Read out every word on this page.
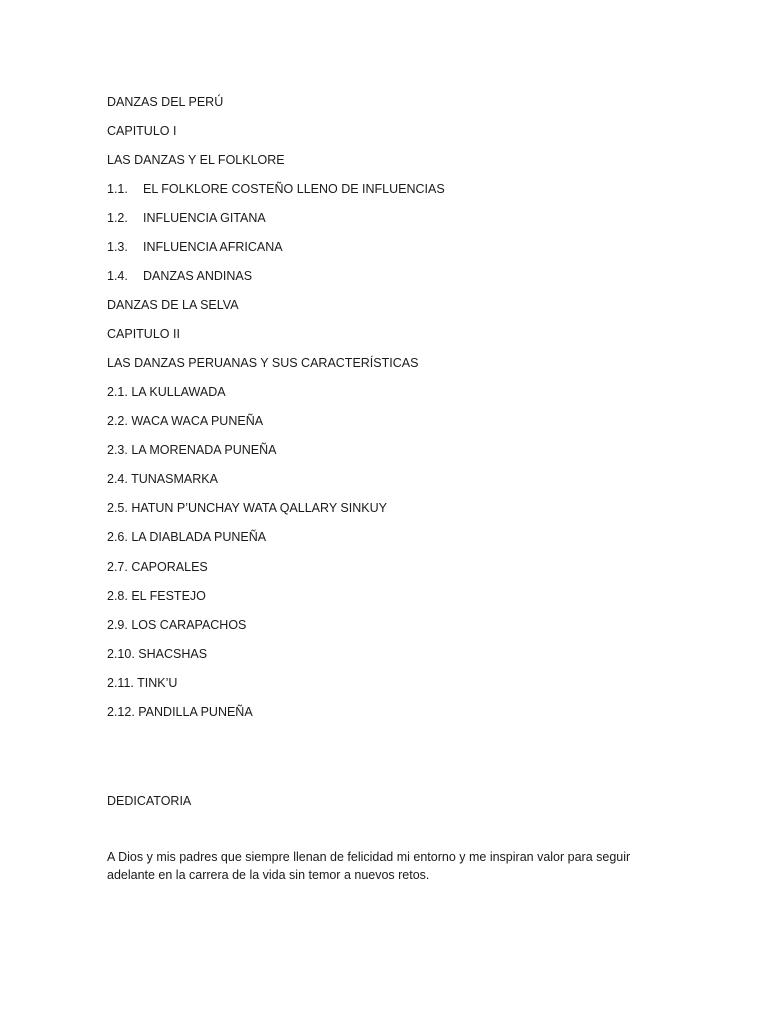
DANZAS DEL PERÚ
CAPITULO I
LAS DANZAS Y EL FOLKLORE
1.1. EL FOLKLORE COSTEÑO LLENO DE INFLUENCIAS
1.2. INFLUENCIA GITANA
1.3. INFLUENCIA AFRICANA
1.4. DANZAS ANDINAS
DANZAS DE LA SELVA
CAPITULO II
LAS DANZAS PERUANAS Y SUS CARACTERÍSTICAS
2.1. LA KULLAWADA
2.2. WACA WACA PUNEÑA
2.3. LA MORENADA PUNEÑA
2.4. TUNASMARKA
2.5. HATUN P’UNCHAY WATA QALLARY SINKUY
2.6. LA DIABLADA PUNEÑA
2.7. CAPORALES
2.8. EL FESTEJO
2.9. LOS CARAPACHOS
2.10. SHACSHAS
2.11. TINK’U
2.12. PANDILLA PUNEÑA
DEDICATORIA
A Dios y mis padres que siempre llenan de felicidad mi entorno y me inspiran valor para seguir adelante en la carrera de la vida sin temor a nuevos retos.
